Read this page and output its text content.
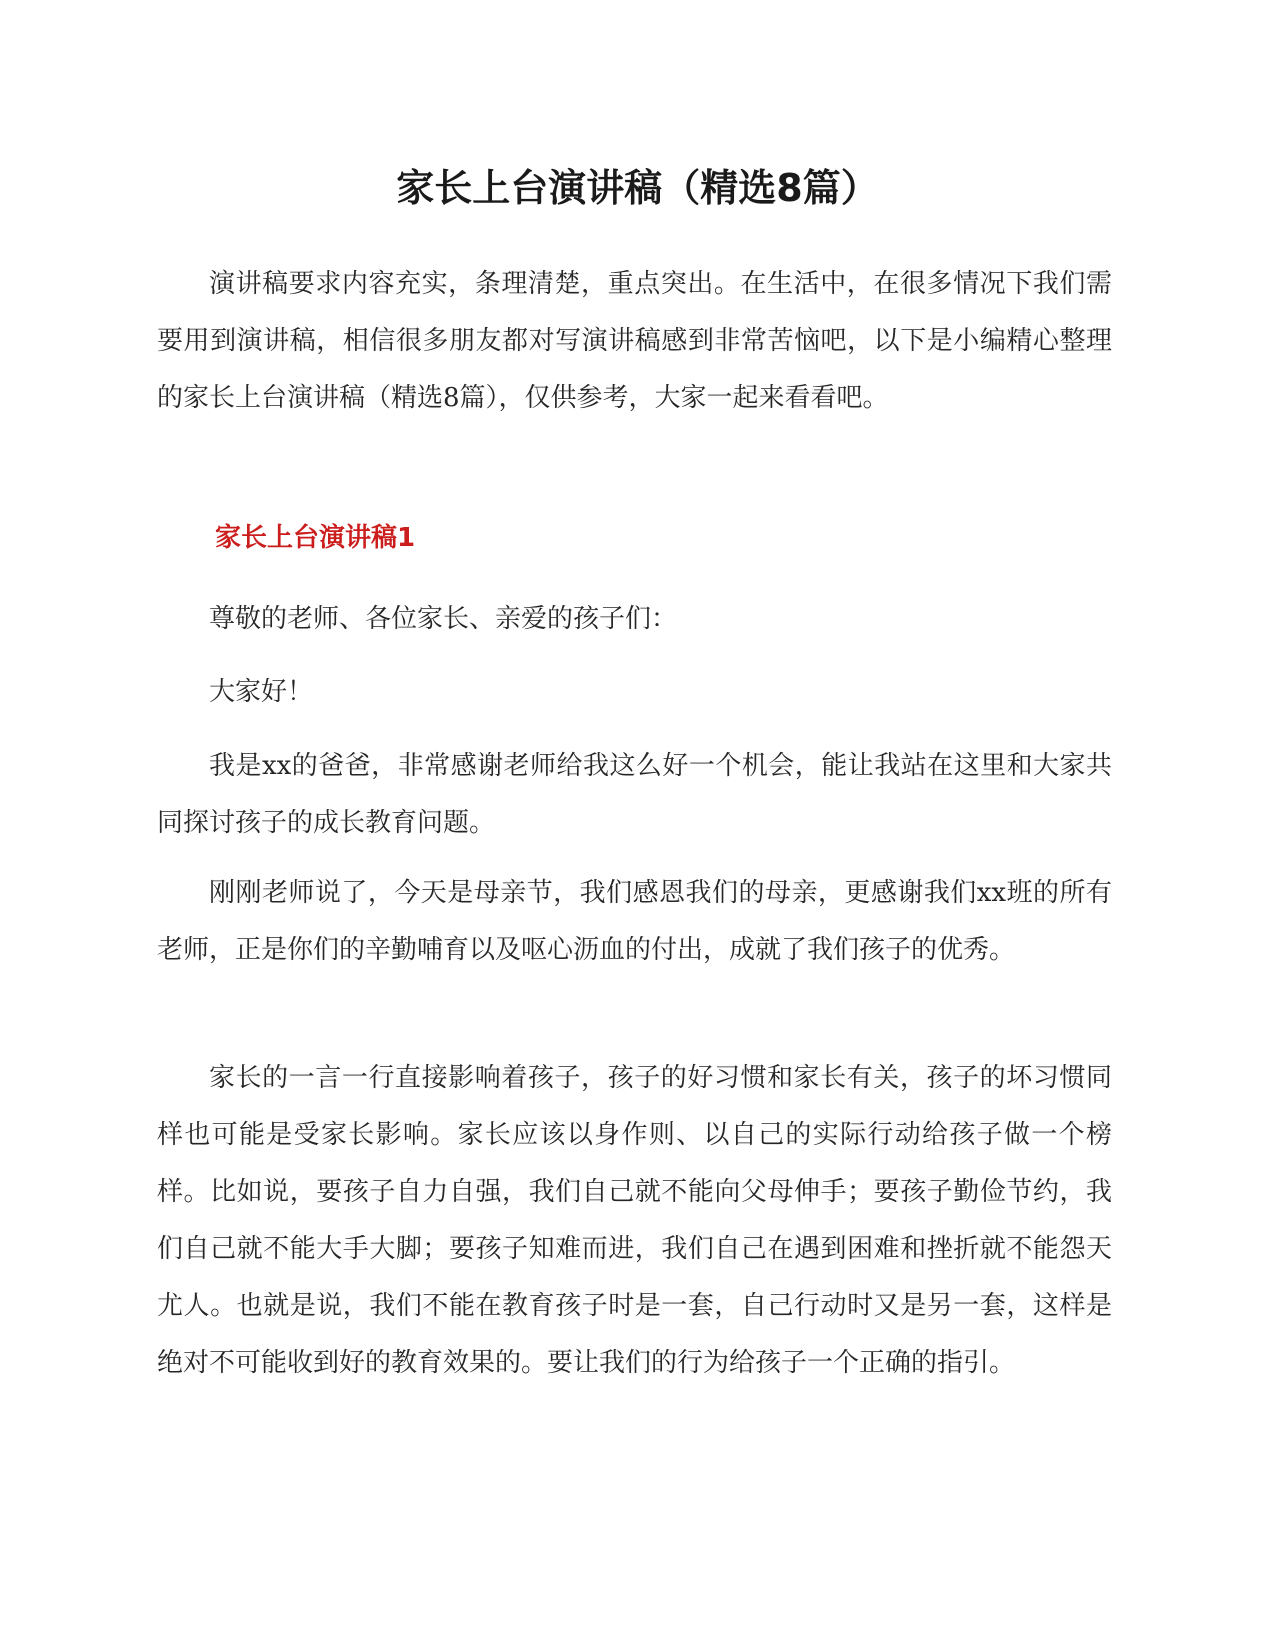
家长上台演讲稿（精选8篇）

演讲稿要求内容充实，条理清楚，重点突出。在生活中，在很多情况下我们需要用到演讲稿，相信很多朋友都对写演讲稿感到非常苦恼吧，以下是小编精心整理的家长上台演讲稿（精选8篇），仅供参考，大家一起来看看吧。

家长上台演讲稿1

尊敬的老师、各位家长、亲爱的孩子们：

大家好！

我是xx的爸爸，非常感谢老师给我这么好一个机会，能让我站在这里和大家共同探讨孩子的成长教育问题。

刚刚老师说了，今天是母亲节，我们感恩我们的母亲，更感谢我们xx班的所有老师，正是你们的辛勤哺育以及呕心沥血的付出，成就了我们孩子的优秀。

家长的一言一行直接影响着孩子，孩子的好习惯和家长有关，孩子的坏习惯同样也可能是受家长影响。家长应该以身作则、以自己的实际行动给孩子做一个榜样。比如说，要孩子自力自强，我们自己就不能向父母伸手；要孩子勤俭节约，我们自己就不能大手大脚；要孩子知难而进，我们自己在遇到困难和挫折就不能怨天尤人。也就是说，我们不能在教育孩子时是一套，自己行动时又是另一套，这样是绝对不可能收到好的教育效果的。要让我们的行为给孩子一个正确的指引。
